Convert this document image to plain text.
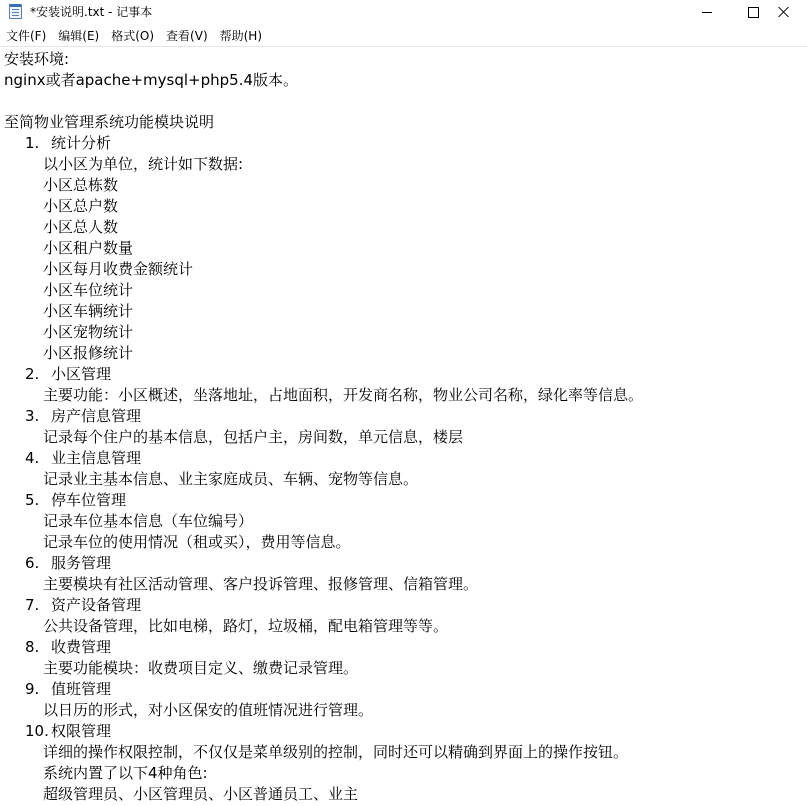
*安装说明.txt - 记事本
文件(F)	编辑(E)	格式(O)	查看(V)	帮助(H)
安装环境:
nginx或者apache+mysql+php5.4版本。
至简物业管理系统功能模块说明
1. 统计分析
以小区为单位，统计如下数据:
小区总栋数
小区总户数
小区总人数
小区租户数量
小区每月收费金额统计
小区车位统计
小区车辆统计
小区宠物统计
小区报修统计
2. 小区管理
主要功能：小区概述，坐落地址，占地面积，开发商名称，物业公司名称，绿化率等信息。
3. 房产信息管理
记录每个住户的基本信息，包括户主，房间数，单元信息，楼层
4. 业主信息管理
记录业主基本信息、业主家庭成员、车辆、宠物等信息。
5. 停车位管理
记录车位基本信息（车位编号）
记录车位的使用情况（租或买），费用等信息。
6. 服务管理
主要模块有社区活动管理、客户投诉管理、报修管理、信箱管理。
7. 资产设备管理
公共设备管理，比如电梯，路灯，垃圾桶，配电箱管理等等。
8. 收费管理
主要功能模块：收费项目定义、缴费记录管理。
9. 值班管理
以日历的形式，对小区保安的值班情况进行管理。
10. 权限管理
详细的操作权限控制，不仅仅是菜单级别的控制，同时还可以精确到界面上的操作按钮。
系统内置了以下4种角色:
超级管理员、小区管理员、小区普通员工、业主
